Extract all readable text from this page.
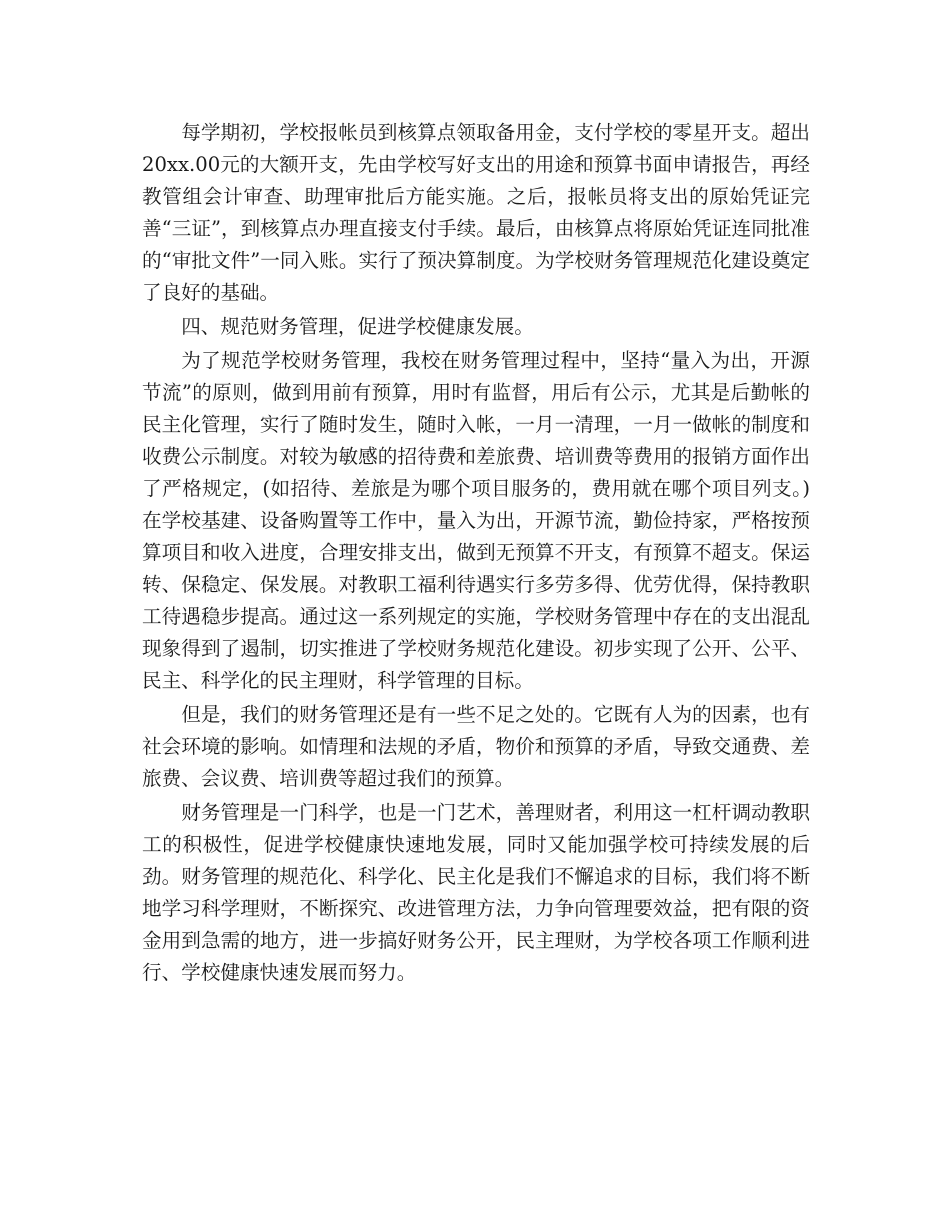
每学期初，学校报帐员到核算点领取备用金，支付学校的零星开支。超出20xx.00元的大额开支，先由学校写好支出的用途和预算书面申请报告，再经教管组会计审查、助理审批后方能实施。之后，报帐员将支出的原始凭证完善“三证”，到核算点办理直接支付手续。最后，由核算点将原始凭证连同批准的“审批文件”一同入账。实行了预决算制度。为学校财务管理规范化建设奠定了良好的基础。

四、规范财务管理，促进学校健康发展。

为了规范学校财务管理，我校在财务管理过程中，坚持“量入为出，开源节流”的原则，做到用前有预算，用时有监督，用后有公示，尤其是后勤帐的民主化管理，实行了随时发生，随时入帐，一月一清理，一月一做帐的制度和收费公示制度。对较为敏感的招待费和差旅费、培训费等费用的报销方面作出了严格规定，(如招待、差旅是为哪个项目服务的，费用就在哪个项目列支。)在学校基建、设备购置等工作中，量入为出，开源节流，勤俭持家，严格按预算项目和收入进度，合理安排支出，做到无预算不开支，有预算不超支。保运转、保稳定、保发展。对教职工福利待遇实行多劳多得、优劳优得，保持教职工待遇稳步提高。通过这一系列规定的实施，学校财务管理中存在的支出混乱现象得到了遏制，切实推进了学校财务规范化建设。初步实现了公开、公平、民主、科学化的民主理财，科学管理的目标。

但是，我们的财务管理还是有一些不足之处的。它既有人为的因素，也有社会环境的影响。如情理和法规的矛盾，物价和预算的矛盾，导致交通费、差旅费、会议费、培训费等超过我们的预算。

财务管理是一门科学，也是一门艺术，善理财者，利用这一杠杆调动教职工的积极性，促进学校健康快速地发展，同时又能加强学校可持续发展的后劲。财务管理的规范化、科学化、民主化是我们不懈追求的目标，我们将不断地学习科学理财，不断探究、改进管理方法，力争向管理要效益，把有限的资金用到急需的地方，进一步搞好财务公开，民主理财，为学校各项工作顺利进行、学校健康快速发展而努力。
